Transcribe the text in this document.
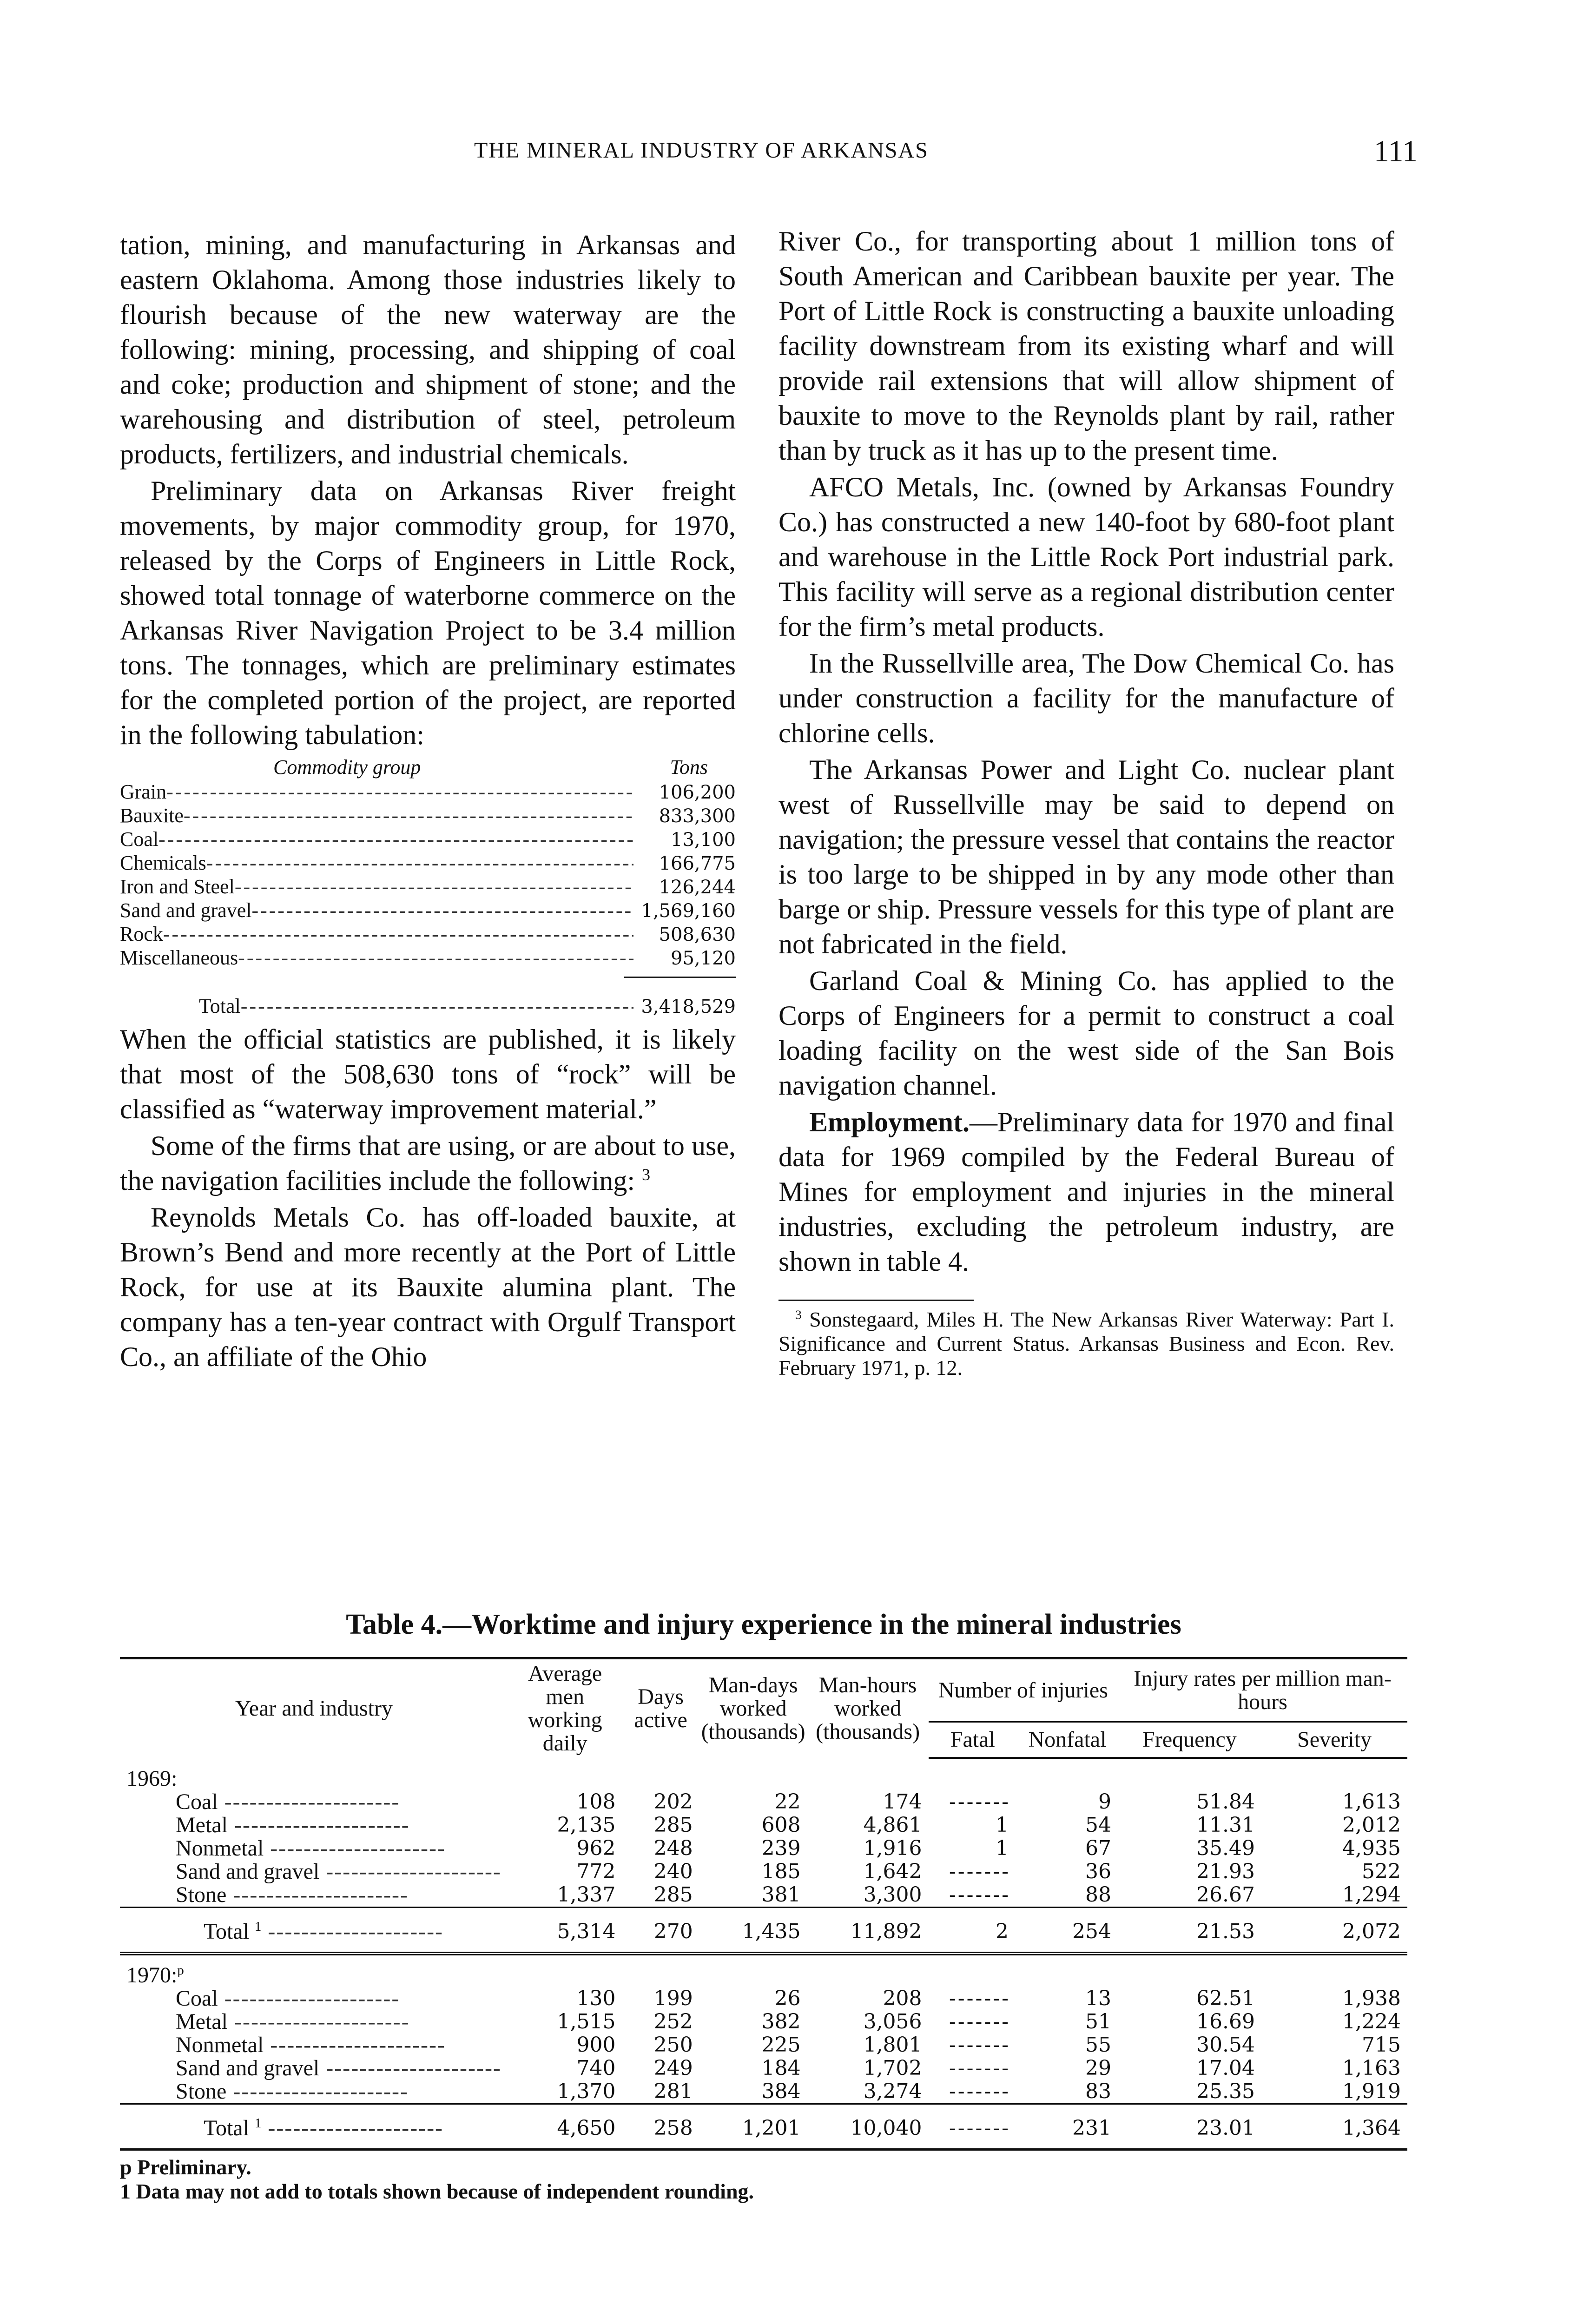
THE MINERAL INDUSTRY OF ARKANSAS	111

tation, mining, and manufacturing in Arkansas and eastern Oklahoma. Among those industries likely to flourish because of the new waterway are the following: mining, processing, and shipping of coal and coke; production and shipment of stone; and the warehousing and distribution of steel, petroleum products, fertilizers, and industrial chemicals.

Preliminary data on Arkansas River freight movements, by major commodity group, for 1970, released by the Corps of Engineers in Little Rock, showed total tonnage of waterborne commerce on the Arkansas River Navigation Project to be 3.4 million tons. The tonnages, which are preliminary estimates for the completed portion of the project, are reported in the following tabulation:

Commodity group	Tons
Grain -----	106,200
Bauxite -----	833,300
Coal -----	13,100
Chemicals -----	166,775
Iron and Steel -----	126,244
Sand and gravel -----	1,569,160
Rock -----	508,630
Miscellaneous -----	95,120
Total -----	3,418,529

When the official statistics are published, it is likely that most of the 508,630 tons of “rock” will be classified as “waterway improvement material.”

Some of the firms that are using, or are about to use, the navigation facilities include the following: $^3$

Reynolds Metals Co. has off-loaded bauxite, at Brown’s Bend and more recently at the Port of Little Rock, for use at its Bauxite alumina plant. The company has a ten-year contract with Orgulf Transport Co., an affiliate of the Ohio

River Co., for transporting about 1 million tons of South American and Caribbean bauxite per year. The Port of Little Rock is constructing a bauxite unloading facility downstream from its existing wharf and will provide rail extensions that will allow shipment of bauxite to move to the Reynolds plant by rail, rather than by truck as it has up to the present time.

AFCO Metals, Inc. (owned by Arkansas Foundry Co.) has constructed a new 140-foot by 680-foot plant and warehouse in the Little Rock Port industrial park. This facility will serve as a regional distribution center for the firm’s metal products.

In the Russellville area, The Dow Chemical Co. has under construction a facility for the manufacture of chlorine cells.

The Arkansas Power and Light Co. nuclear plant west of Russellville may be said to depend on navigation; the pressure vessel that contains the reactor is too large to be shipped in by any mode other than barge or ship. Pressure vessels for this type of plant are not fabricated in the field.

Garland Coal & Mining Co. has applied to the Corps of Engineers for a permit to construct a coal loading facility on the west side of the San Bois navigation channel.

Employment.—Preliminary data for 1970 and final data for 1969 compiled by the Federal Bureau of Mines for employment and injuries in the mineral industries, excluding the petroleum industry, are shown in table 4.

$^3$ Sonstegaard, Miles H. The New Arkansas River Waterway: Part I. Significance and Current Status. Arkansas Business and Econ. Rev. February 1971, p. 12.

Table 4.—Worktime and injury experience in the mineral industries
Year and industry	Average men working daily	Days active	Man-days worked (thousands)	Man-hours worked (thousands)	Number of injuries		Injury rates per million man-hours	
					Fatal	Nonfatal	Frequency	Severity
1969:								
Coal -----	108	202	22	174	-------	9	51.84	1,613
Metal -----	2,135	285	608	4,861	1	54	11.31	2,012
Nonmetal -----	962	248	239	1,916	1	67	35.49	4,935
Sand and gravel -----	772	240	185	1,642	-------	36	21.93	522
Stone -----	1,337	285	381	3,300	-------	88	26.67	1,294
Total $^1$ -----	5,314	270	1,435	11,892	2	254	21.53	2,072
1970:$^p$
Coal -----	130	199	26	208	-------	13	62.51	1,938
Metal -----	1,515	252	382	3,056	-------	51	16.69	1,224
Nonmetal -----	900	250	225	1,801	-------	55	30.54	715
Sand and gravel -----	740	249	184	1,702	-------	29	17.04	1,163
Stone -----	1,370	281	384	3,274	-------	83	25.35	1,919
Total $^1$ -----	4,650	258	1,201	10,040	-------	231	23.01	1,364
p Preliminary.
1 Data may not add to totals shown because of independent rounding.
